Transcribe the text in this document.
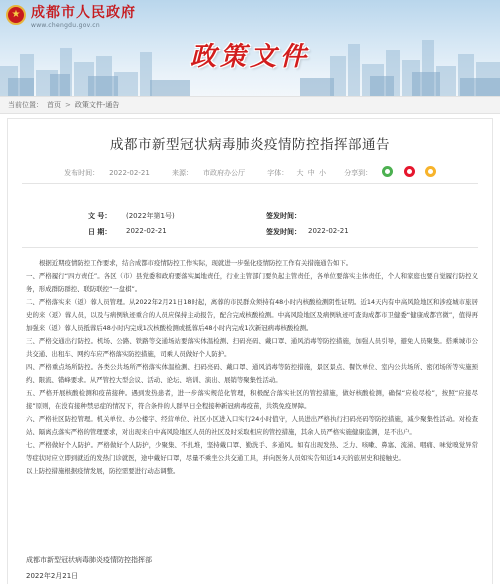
★
成都市人民政府
www.chengdu.gov.cn
政策文件
当前位置： 首页 > 政策文件-通告
成都市新型冠状病毒肺炎疫情防控指挥部通告
发布时间： 2022-02-21	来源： 市政府办公厅	字体： 大 中 小	分享到：
文 号： (2022年第1号)	签发时间：
日 期： 2022-02-21	签发时间： 2022-02-21

根据近期疫情防控工作要求，结合成都市疫情防控工作实际，现就进一步强化疫情防控工作有关措施通告如下。

一、严格履行“四方责任”。各区（市）县党委和政府要落实属地责任，行业主管部门要负起主管责任，各单位要落实主体责任，个人和家庭也要自觉履行防控义务，形成群防群控、联防联控“一盘棋”。

二、严格落实来（返）蓉人员管理。从2022年2月21日18时起，离蓉的市民群众须持有48小时内核酸检测阴性证明。近14天内有中高风险地区和涉疫城市旅居史的来（返）蓉人员，以及与病例轨迹重合的人员应保持主动报告，配合完成核酸检测。中高风险地区及病例轨迹可查询成都市卫健委“健康成都官微”，值得再加强来（返）蓉人员抵蓉后48小时内完成1次核酸检测或抵蓉后48小时内完成1次新冠病毒核酸检测。

三、严格交通出行防控。机场、公路、铁路等交通场站要落实体温检测、扫码亮码、戴口罩、通风消毒等防控措施，加强人员引导，避免人员聚集。搭乘城市公共交通、出租车、网约车应严格落实防控措施，司乘人员做好个人防护。

四、严格重点场所防控。各类公共场所严格落实体温检测、扫码亮码、戴口罩、通风消毒等防控措施，景区景点、餐饮单位、室内公共场所、密闭场所等实施预约、限流、错峰要求。从严管控大型会议、活动、论坛、培训、演出、展销等聚集性活动。

五、严格开展核酸检测和疫苗接种。遇到发热患者，进一步落实规范化管理，积极配合落实社区的管控措施，做好核酸检测，确保“应检尽检”，按照“应接尽接”原则，在没有接种禁忌症的情况下，符合条件的人群早日全程接种新冠病毒疫苗，共筑免疫屏障。

六、严格社区防控管理。机关单位、办公楼宇、经营单位、社区小区进入口实行24小时值守，人员进出严格执行扫码亮码等防控措施，减少聚集性活动。对检查站、隔离点落实严格的管理要求，对出现来自中高风险地区人员的社区及时采取相应的管控措施，其余人员严格实施健康监测，足不出户。

七、严格做好个人防护。严格做好个人防护，少聚集、不扎堆，坚持戴口罩、勤洗手、多通风。如有出现发热、乏力、咳嗽、鼻塞、流涕、咽痛、味觉嗅觉异常等症状时应立即到就近的发热门诊就医，途中戴好口罩，尽量不乘坐公共交通工具，并向医务人员如实告知近14天的旅居史和接触史。

以上防控措施根据疫情发展，防控需要进行动态调整。

成都市新型冠状病毒肺炎疫情防控指挥部
2022年2月21日
